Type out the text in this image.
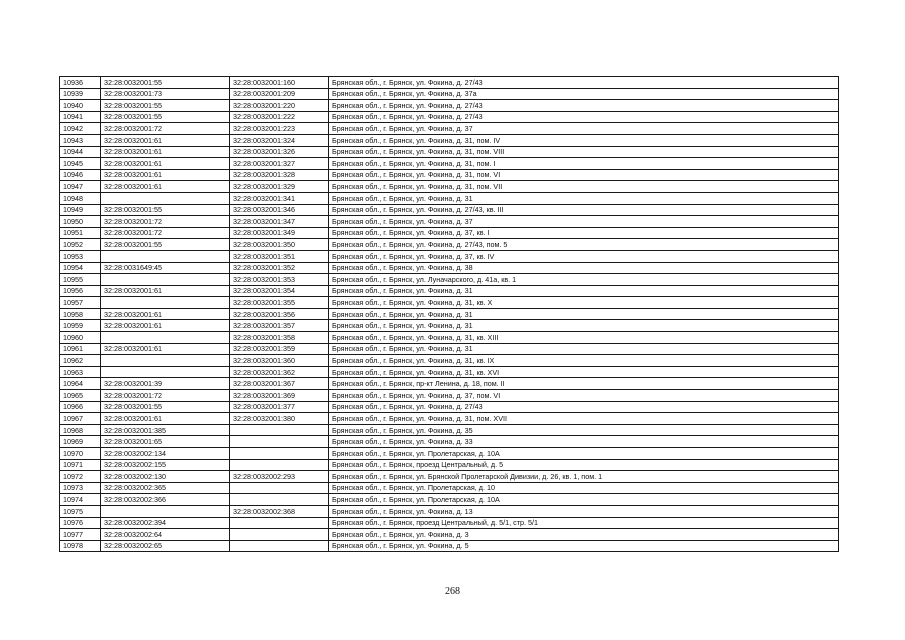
10936	32:28:0032001:55	32:28:0032001:160	Брянская обл., г. Брянск, ул. Фокина, д. 27/43
10939	32:28:0032001:73	32:28:0032001:209	Брянская обл., г. Брянск, ул. Фокина, д. 37а
10940	32:28:0032001:55	32:28:0032001:220	Брянская обл., г. Брянск, ул. Фокина, д. 27/43
10941	32:28:0032001:55	32:28:0032001:222	Брянская обл., г. Брянск, ул. Фокина, д. 27/43
10942	32:28:0032001:72	32:28:0032001:223	Брянская обл., г. Брянск, ул. Фокина, д. 37
10943	32:28:0032001:61	32:28:0032001:324	Брянская обл., г. Брянск, ул. Фокина, д. 31, пом. IV
10944	32:28:0032001:61	32:28:0032001:326	Брянская обл., г. Брянск, ул. Фокина, д. 31, пом. VIII
10945	32:28:0032001:61	32:28:0032001:327	Брянская обл., г. Брянск, ул. Фокина, д. 31, пом. I
10946	32:28:0032001:61	32:28:0032001:328	Брянская обл., г. Брянск, ул. Фокина, д. 31, пом. VI
10947	32:28:0032001:61	32:28:0032001:329	Брянская обл., г. Брянск, ул. Фокина, д. 31, пом. VII
10948		32:28:0032001:341	Брянская обл., г. Брянск, ул. Фокина, д. 31
10949	32:28:0032001:55	32:28:0032001:346	Брянская обл., г. Брянск, ул. Фокина, д. 27/43, кв. III
10950	32:28:0032001:72	32:28:0032001:347	Брянская обл., г. Брянск, ул. Фокина, д. 37
10951	32:28:0032001:72	32:28:0032001:349	Брянская обл., г. Брянск, ул. Фокина, д. 37, кв. I
10952	32:28:0032001:55	32:28:0032001:350	Брянская обл., г. Брянск, ул. Фокина, д. 27/43, пом. 5
10953		32:28:0032001:351	Брянская обл., г. Брянск, ул. Фокина, д. 37, кв. IV
10954	32:28:0031649:45	32:28:0032001:352	Брянская обл., г. Брянск, ул. Фокина, д. 38
10955		32:28:0032001:353	Брянская обл., г. Брянск, ул. Луначарского, д. 41а, кв. 1
10956	32:28:0032001:61	32:28:0032001:354	Брянская обл., г. Брянск, ул. Фокина, д. 31
10957		32:28:0032001:355	Брянская обл., г. Брянск, ул. Фокина, д. 31, кв. X
10958	32:28:0032001:61	32:28:0032001:356	Брянская обл., г. Брянск, ул. Фокина, д. 31
10959	32:28:0032001:61	32:28:0032001:357	Брянская обл., г. Брянск, ул. Фокина, д. 31
10960		32:28:0032001:358	Брянская обл., г. Брянск, ул. Фокина, д. 31, кв. XIII
10961	32:28:0032001:61	32:28:0032001:359	Брянская обл., г. Брянск, ул. Фокина, д. 31
10962		32:28:0032001:360	Брянская обл., г. Брянск, ул. Фокина, д. 31, кв. IX
10963		32:28:0032001:362	Брянская обл., г. Брянск, ул. Фокина, д. 31, кв. XVI
10964	32:28:0032001:39	32:28:0032001:367	Брянская обл., г. Брянск, пр-кт Ленина, д. 18, пом. II
10965	32:28:0032001:72	32:28:0032001:369	Брянская обл., г. Брянск, ул. Фокина, д. 37, пом. VI
10966	32:28:0032001:55	32:28:0032001:377	Брянская обл., г. Брянск, ул. Фокина, д. 27/43
10967	32:28:0032001:61	32:28:0032001:380	Брянская обл., г. Брянск, ул. Фокина, д. 31, пом. XVII
10968	32:28:0032001:385		Брянская обл., г. Брянск, ул. Фокина, д. 35
10969	32:28:0032001:65		Брянская обл., г. Брянск, ул. Фокина, д. 33
10970	32:28:0032002:134		Брянская обл., г. Брянск, ул. Пролетарская, д. 10А
10971	32:28:0032002:155		Брянская обл., г. Брянск, проезд Центральный, д. 5
10972	32:28:0032002:130	32:28:0032002:293	Брянская обл., г. Брянск, ул. Брянской Пролетарской Дивизии, д. 26, кв. 1, пом. 1
10973	32:28:0032002:365		Брянская обл., г. Брянск, ул. Пролетарская, д. 10
10974	32:28:0032002:366		Брянская обл., г. Брянск, ул. Пролетарская, д. 10А
10975		32:28:0032002:368	Брянская обл., г. Брянск, ул. Фокина, д. 13
10976	32:28:0032002:394		Брянская обл., г. Брянск, проезд Центральный, д. 5/1, стр. 5/1
10977	32:28:0032002:64		Брянская обл., г. Брянск, ул. Фокина, д. 3
10978	32:28:0032002:65		Брянская обл., г. Брянск, ул. Фокина, д. 5
268
